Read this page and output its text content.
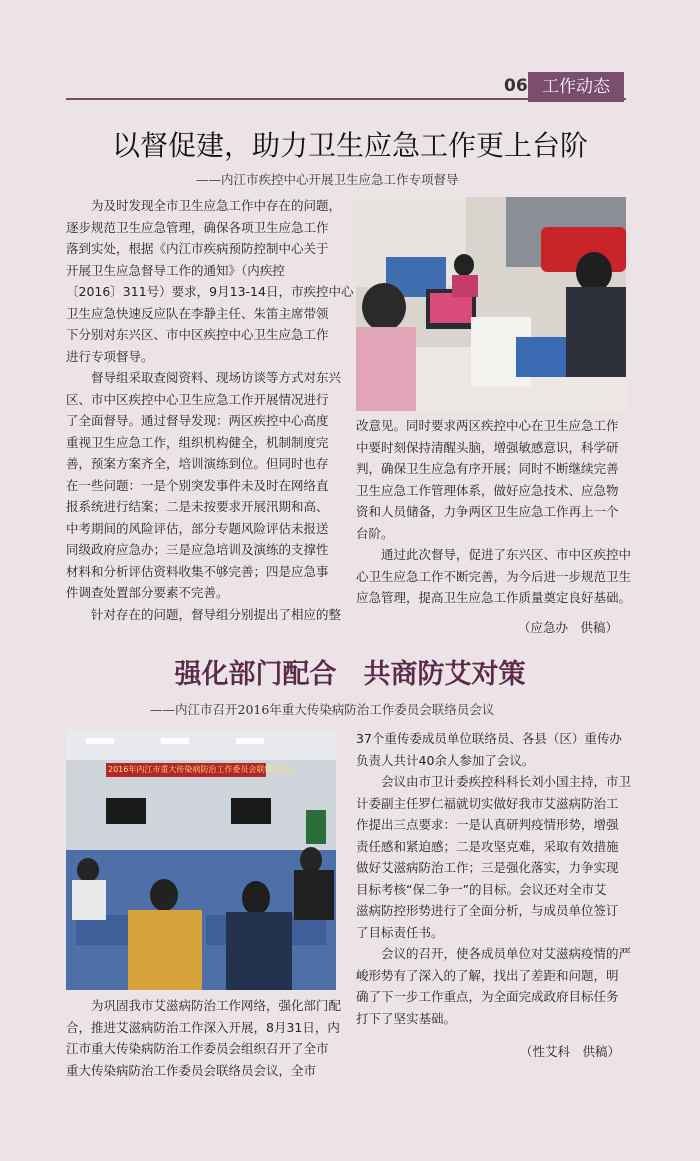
06 工作动态
以督促建，助力卫生应急工作更上台阶
——内江市疾控中心开展卫生应急工作专项督导
为及时发现全市卫生应急工作中存在的问题，
逐步规范卫生应急管理，确保各项卫生应急工作
落到实处，根据《内江市疾病预防控制中心关于
开展卫生应急督导工作的通知》（内疾控
〔2016〕311号）要求，9月13-14日，市疾控中心
卫生应急快速反应队在李静主任、朱笛主席带领
下分别对东兴区、市中区疾控中心卫生应急工作
进行专项督导。
督导组采取查阅资料、现场访谈等方式对东兴
区、市中区疾控中心卫生应急工作开展情况进行
了全面督导。通过督导发现：两区疾控中心高度
重视卫生应急工作，组织机构健全，机制制度完
善，预案方案齐全，培训演练到位。但同时也存
在一些问题：一是个别突发事件未及时在网络直
报系统进行结案；二是未按要求开展汛期和高、
中考期间的风险评估，部分专题风险评估未报送
同级政府应急办；三是应急培训及演练的支撑性
材料和分析评估资料收集不够完善；四是应急事
件调查处置部分要素不完善。
针对存在的问题，督导组分别提出了相应的整
改意见。同时要求两区疾控中心在卫生应急工作
中要时刻保持清醒头脑，增强敏感意识，科学研
判，确保卫生应急有序开展；同时不断继续完善
卫生应急工作管理体系，做好应急技术、应急物
资和人员储备，力争两区卫生应急工作再上一个
台阶。
通过此次督导，促进了东兴区、市中区疾控中
心卫生应急工作不断完善，为今后进一步规范卫生
应急管理，提高卫生应急工作质量奠定良好基础。
（应急办　供稿）
强化部门配合　共商防艾对策
——内江市召开2016年重大传染病防治工作委员会联络员会议
2016年内江市重大传染病防治工作委员会联络员会议
为巩固我市艾滋病防治工作网络，强化部门配
合，推进艾滋病防治工作深入开展，8月31日，内
江市重大传染病防治工作委员会组织召开了全市
重大传染病防治工作委员会联络员会议，全市
37个重传委成员单位联络员、各县（区）重传办
负责人共计40余人参加了会议。
会议由市卫计委疾控科科长刘小国主持，市卫
计委副主任罗仁福就切实做好我市艾滋病防治工
作提出三点要求：一是认真研判疫情形势，增强
责任感和紧迫感；二是攻坚克难，采取有效措施
做好艾滋病防治工作；三是强化落实，力争实现
目标考核“保二争一”的目标。会议还对全市艾
滋病防控形势进行了全面分析，与成员单位签订
了目标责任书。
会议的召开，使各成员单位对艾滋病疫情的严
峻形势有了深入的了解，找出了差距和问题，明
确了下一步工作重点，为全面完成政府目标任务
打下了坚实基础。
（性艾科　供稿）
